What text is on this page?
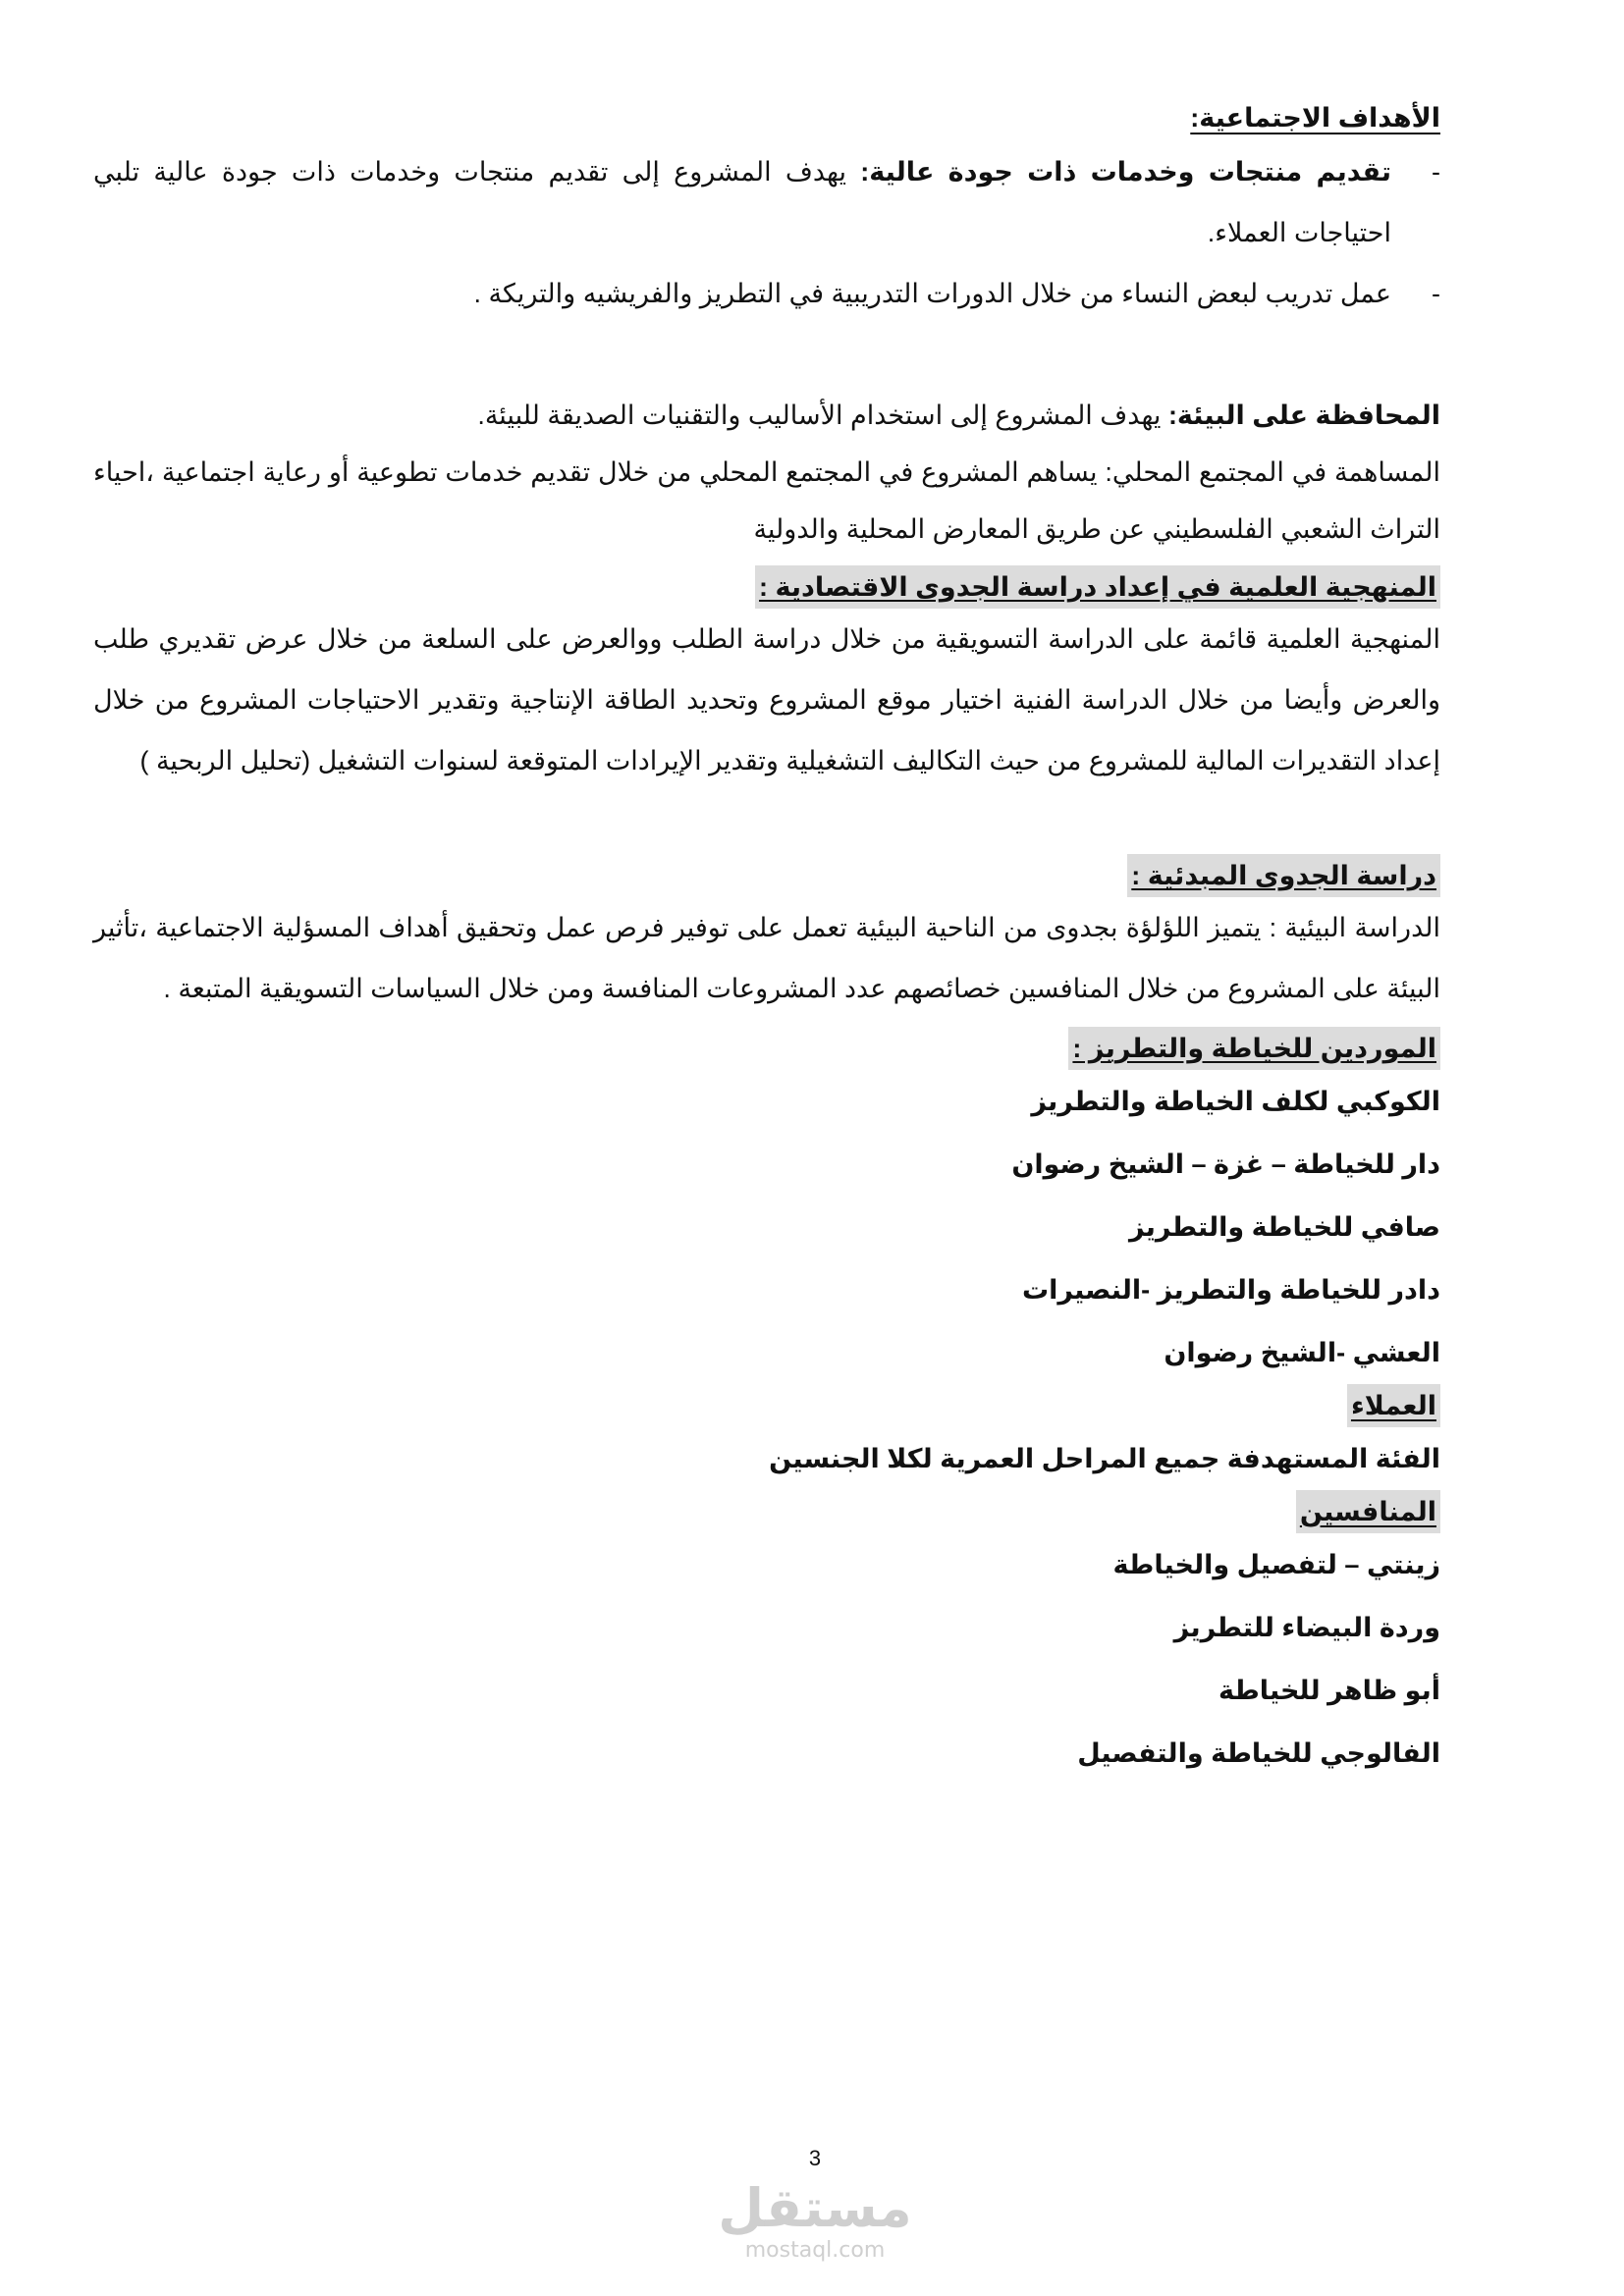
الأهداف الاجتماعية:

-
تقديم منتجات وخدمات ذات جودة عالية: يهدف المشروع إلى تقديم منتجات وخدمات ذات جودة عالية تلبي احتياجات العملاء.
-
عمل تدريب لبعض النساء من خلال الدورات التدريبية في التطريز والفريشيه والتريكة .

المحافظة على البيئة: يهدف المشروع إلى استخدام الأساليب والتقنيات الصديقة للبيئة.

المساهمة في المجتمع المحلي: يساهم المشروع في المجتمع المحلي من خلال تقديم خدمات تطوعية أو رعاية اجتماعية ،احياء التراث الشعبي الفلسطيني عن طريق المعارض المحلية والدولية

المنهجية العلمية في إعداد دراسة الجدوى الاقتصادية :

المنهجية العلمية قائمة على الدراسة التسويقية من خلال دراسة الطلب ووالعرض على السلعة من خلال عرض تقديري طلب والعرض وأيضا من خلال الدراسة الفنية اختيار موقع المشروع وتحديد الطاقة الإنتاجية وتقدير الاحتياجات المشروع من خلال إعداد التقديرات المالية للمشروع من حيث التكاليف التشغيلية وتقدير الإيرادات المتوقعة لسنوات التشغيل (تحليل الربحية )

دراسة الجدوى المبدئية :

الدراسة البيئية : يتميز اللؤلؤة بجدوى من الناحية البيئية تعمل على توفير فرص عمل وتحقيق أهداف المسؤلية الاجتماعية ،تأثير البيئة على المشروع من خلال المنافسين خصائصهم عدد المشروعات المنافسة ومن خلال السياسات التسويقية المتبعة .

الموردين للخياطة والتطريز :

الكوكبي لكلف الخياطة والتطريز

دار للخياطة – غزة – الشيخ رضوان

صافي للخياطة والتطريز

دادر للخياطة والتطريز -النصيرات

العشي -الشيخ رضوان

العملاء

الفئة المستهدفة جميع المراحل العمرية لكلا الجنسين

المنافسين

زينتي – لتفصيل والخياطة

وردة البيضاء للتطريز

أبو ظاهر للخياطة

الفالوجي للخياطة والتفصيل

3
مستقل
mostaql.com
